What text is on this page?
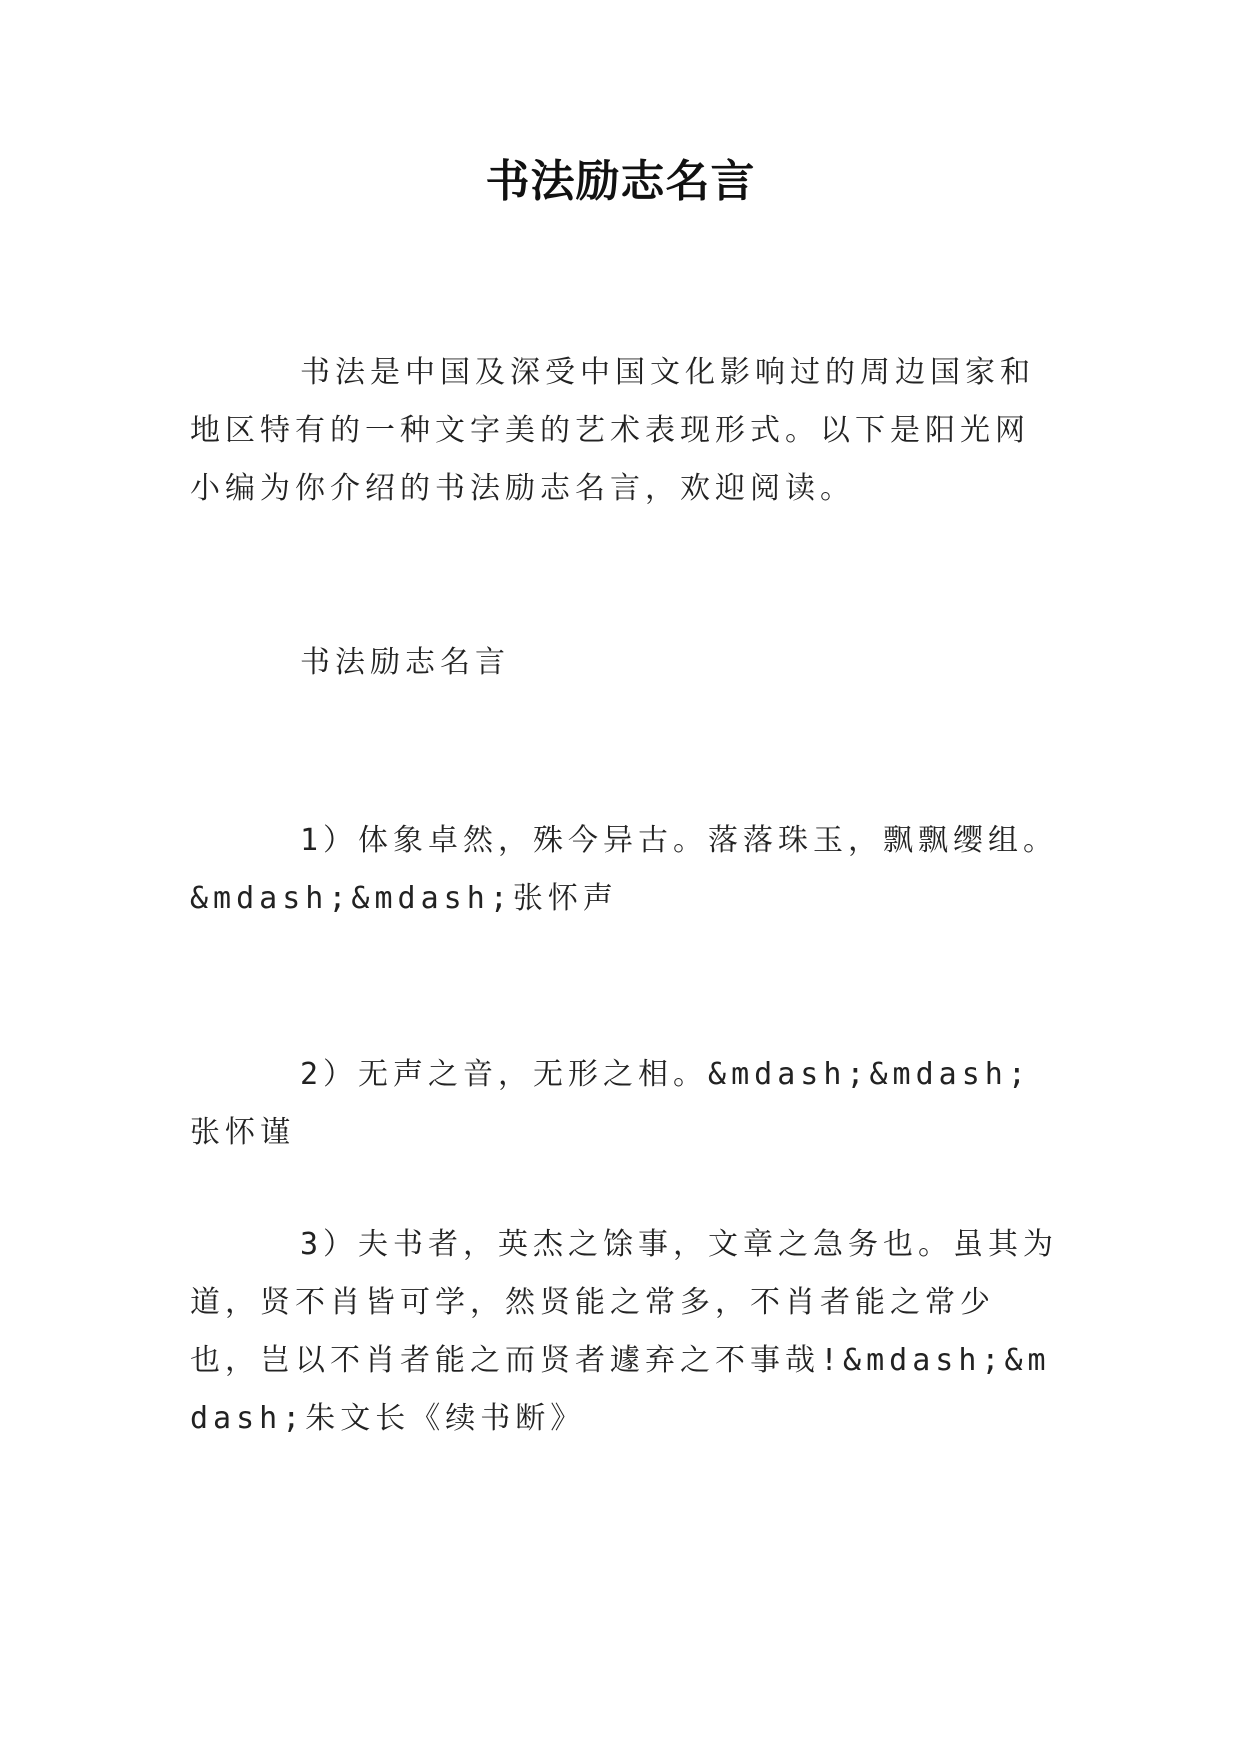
书法励志名言
书法是中国及深受中国文化影响过的周边国家和地区特有的一种文字美的艺术表现形式。以下是阳光网小编为你介绍的书法励志名言，欢迎阅读。
书法励志名言
1）体象卓然，殊今异古。落落珠玉，飘飘缨组。&mdash;&mdash;张怀声
2）无声之音，无形之相。&mdash;&mdash;张怀谨
3）夫书者，英杰之馀事，文章之急务也。虽其为道，贤不肖皆可学，然贤能之常多，不肖者能之常少也，岂以不肖者能之而贤者遽弃之不事哉!&mdash;&mdash;朱文长《续书断》
